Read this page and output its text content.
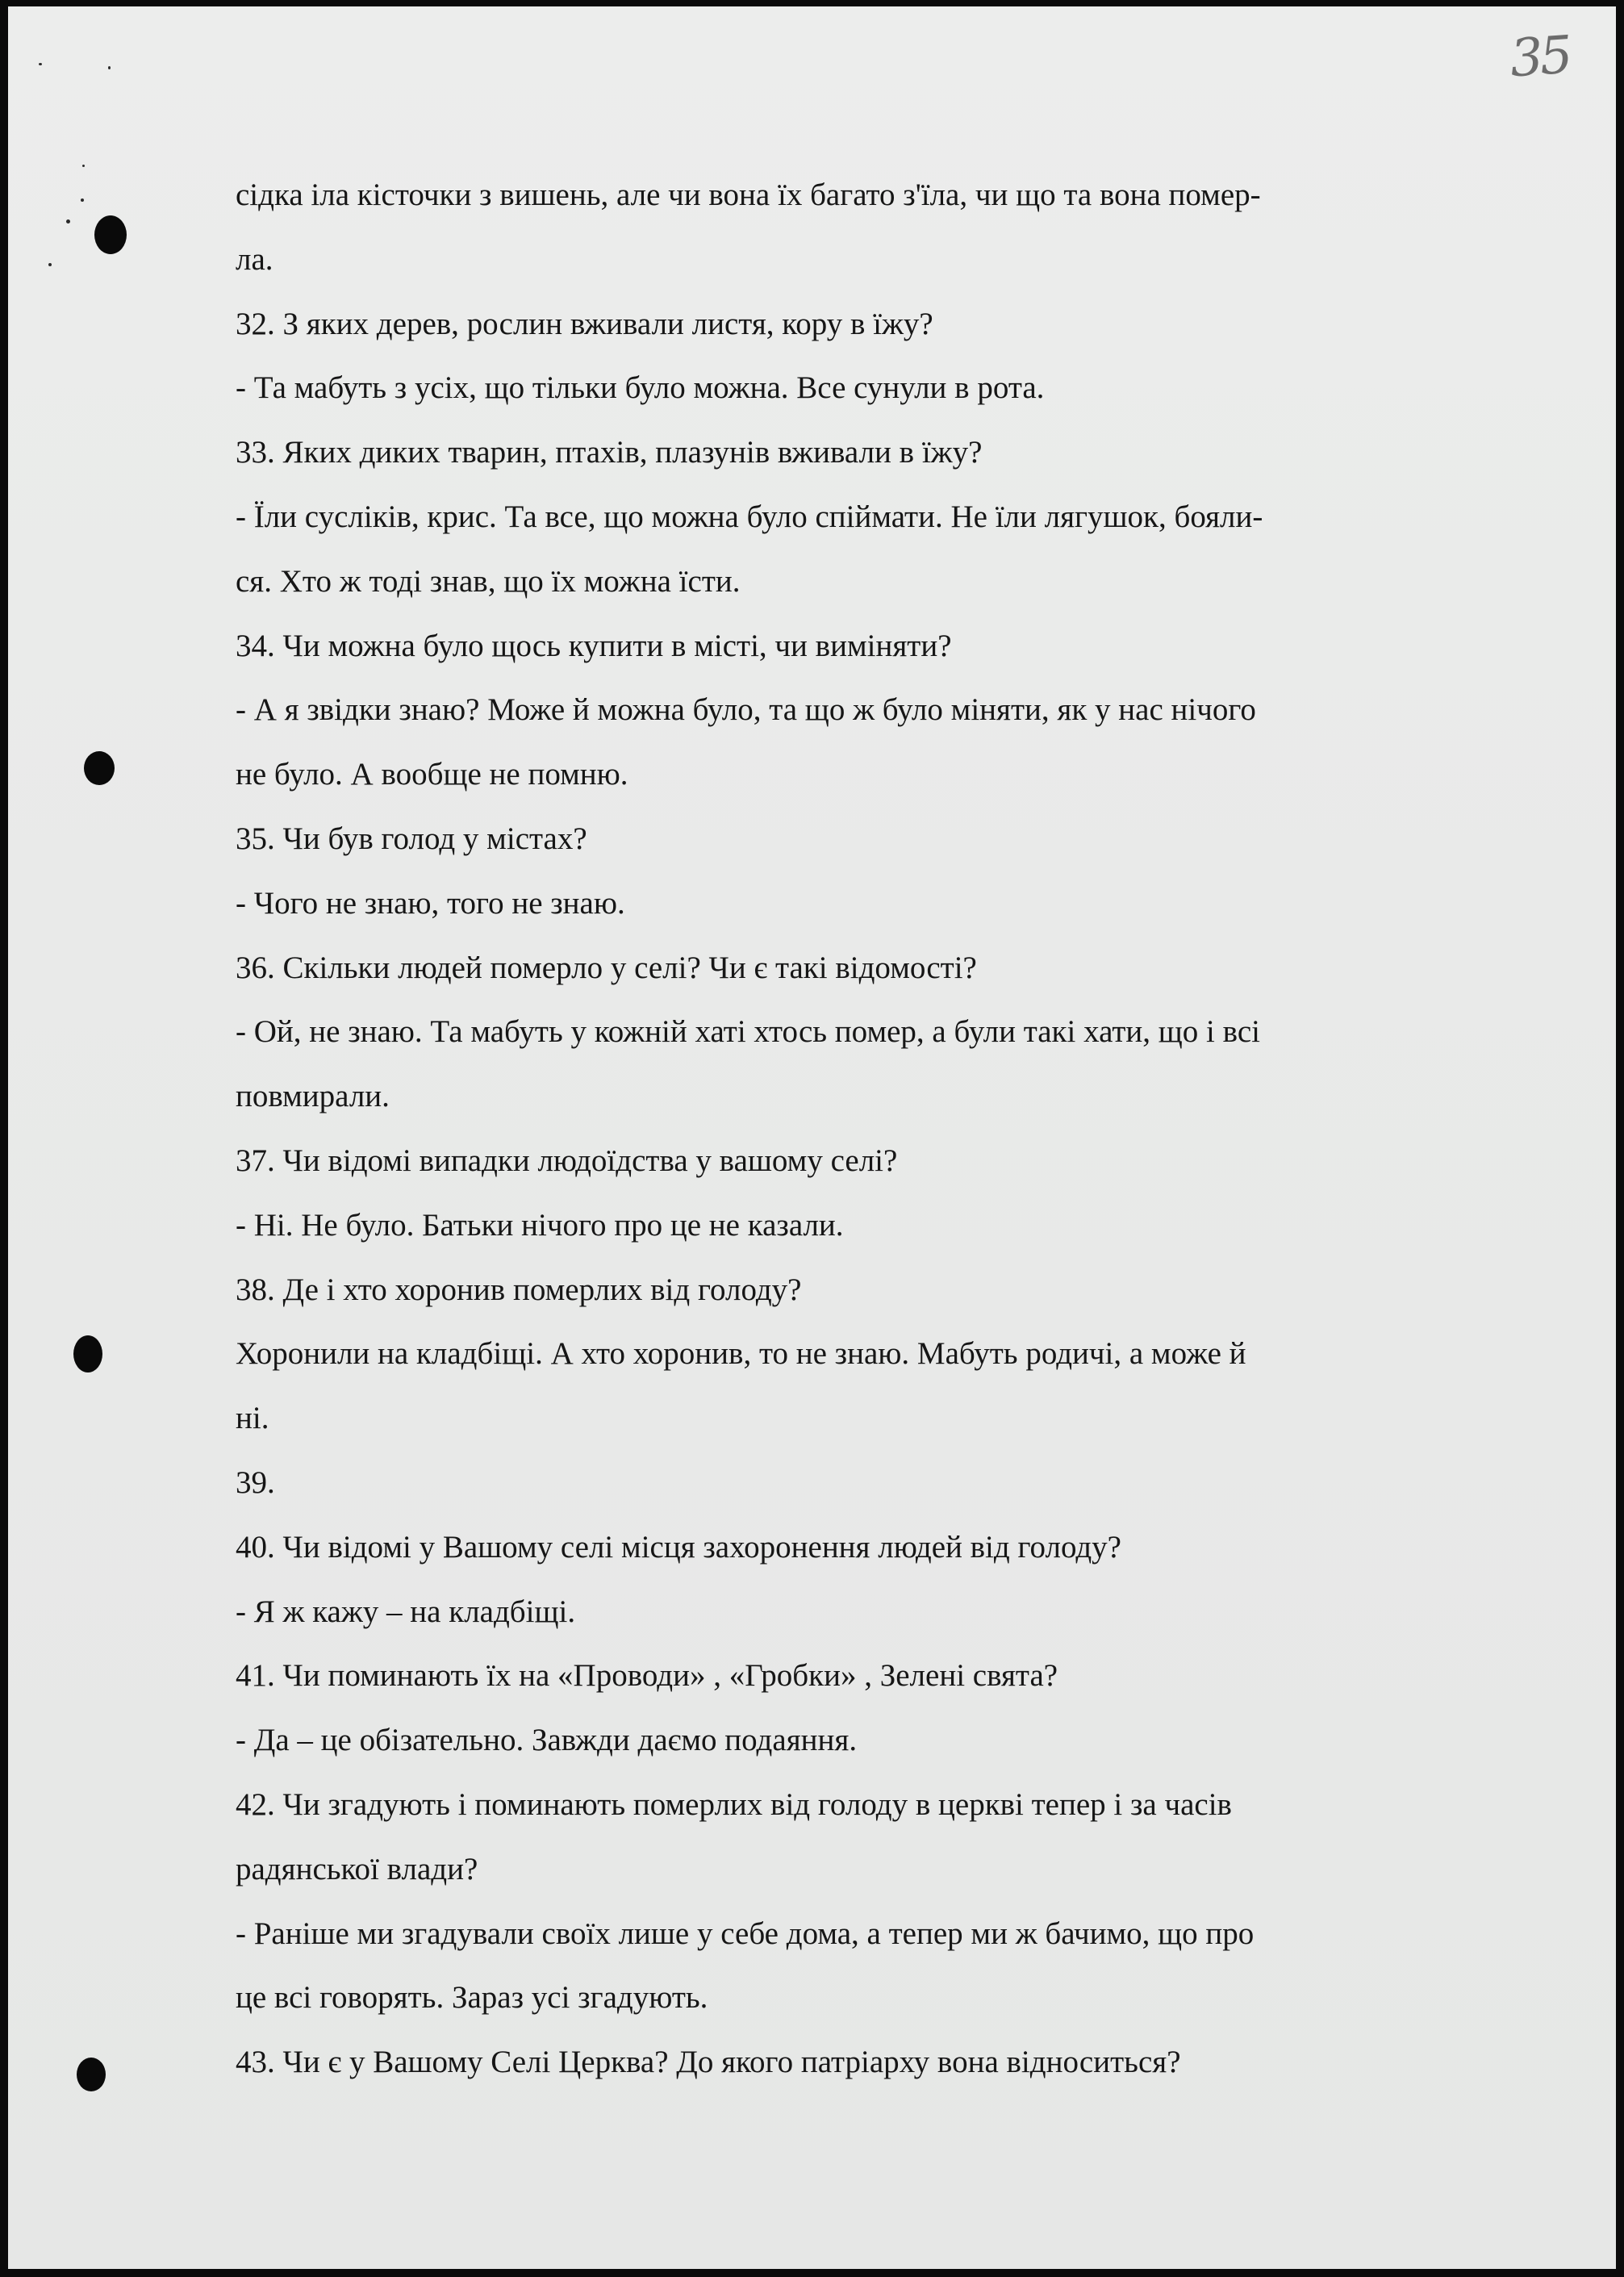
35
сідка іла кісточки з вишень, але чи вона їх багато з'їла, чи що та вона помер-
ла.
32. З яких дерев, рослин вживали листя, кору в їжу?
- Та мабуть з усіх, що тільки було можна. Все сунули в рота.
33. Яких диких тварин, птахів, плазунів вживали в їжу?
- Їли сусліків, крис. Та все, що можна було спіймати. Не їли лягушок, бояли-
ся. Хто ж тоді знав, що їх можна їсти.
34. Чи можна було щось купити в місті, чи виміняти?
- А я звідки знаю? Може й можна було, та що ж було міняти, як у нас нічого
не було. А вообще не помню.
35. Чи був голод у містах?
- Чого не знаю, того не знаю.
36. Скільки людей померло у селі? Чи є такі відомості?
- Ой, не знаю. Та мабуть у кожній хаті хтось помер, а були такі хати, що і всі
повмирали.
37. Чи відомі випадки людоїдства у вашому селі?
- Ні. Не було. Батьки нічого про це не казали.
38. Де і хто хоронив померлих від голоду?
Хоронили на кладбіщі. А хто хоронив, то не знаю. Мабуть родичі, а може й
ні.
39.
40. Чи відомі у Вашому селі місця захоронення людей від голоду?
- Я ж кажу – на кладбіщі.
41. Чи поминають їх на «Проводи» , «Гробки» , Зелені свята?
- Да – це обізательно. Завжди даємо подаяння.
42. Чи згадують і поминають померлих від голоду в церкві тепер і за часів
радянської влади?
- Раніше ми згадували своїх лише у себе дома, а тепер ми ж бачимо, що про
це всі говорять. Зараз усі згадують.
43. Чи є у Вашому Селі Церква? До якого патріарху вона відноситься?
